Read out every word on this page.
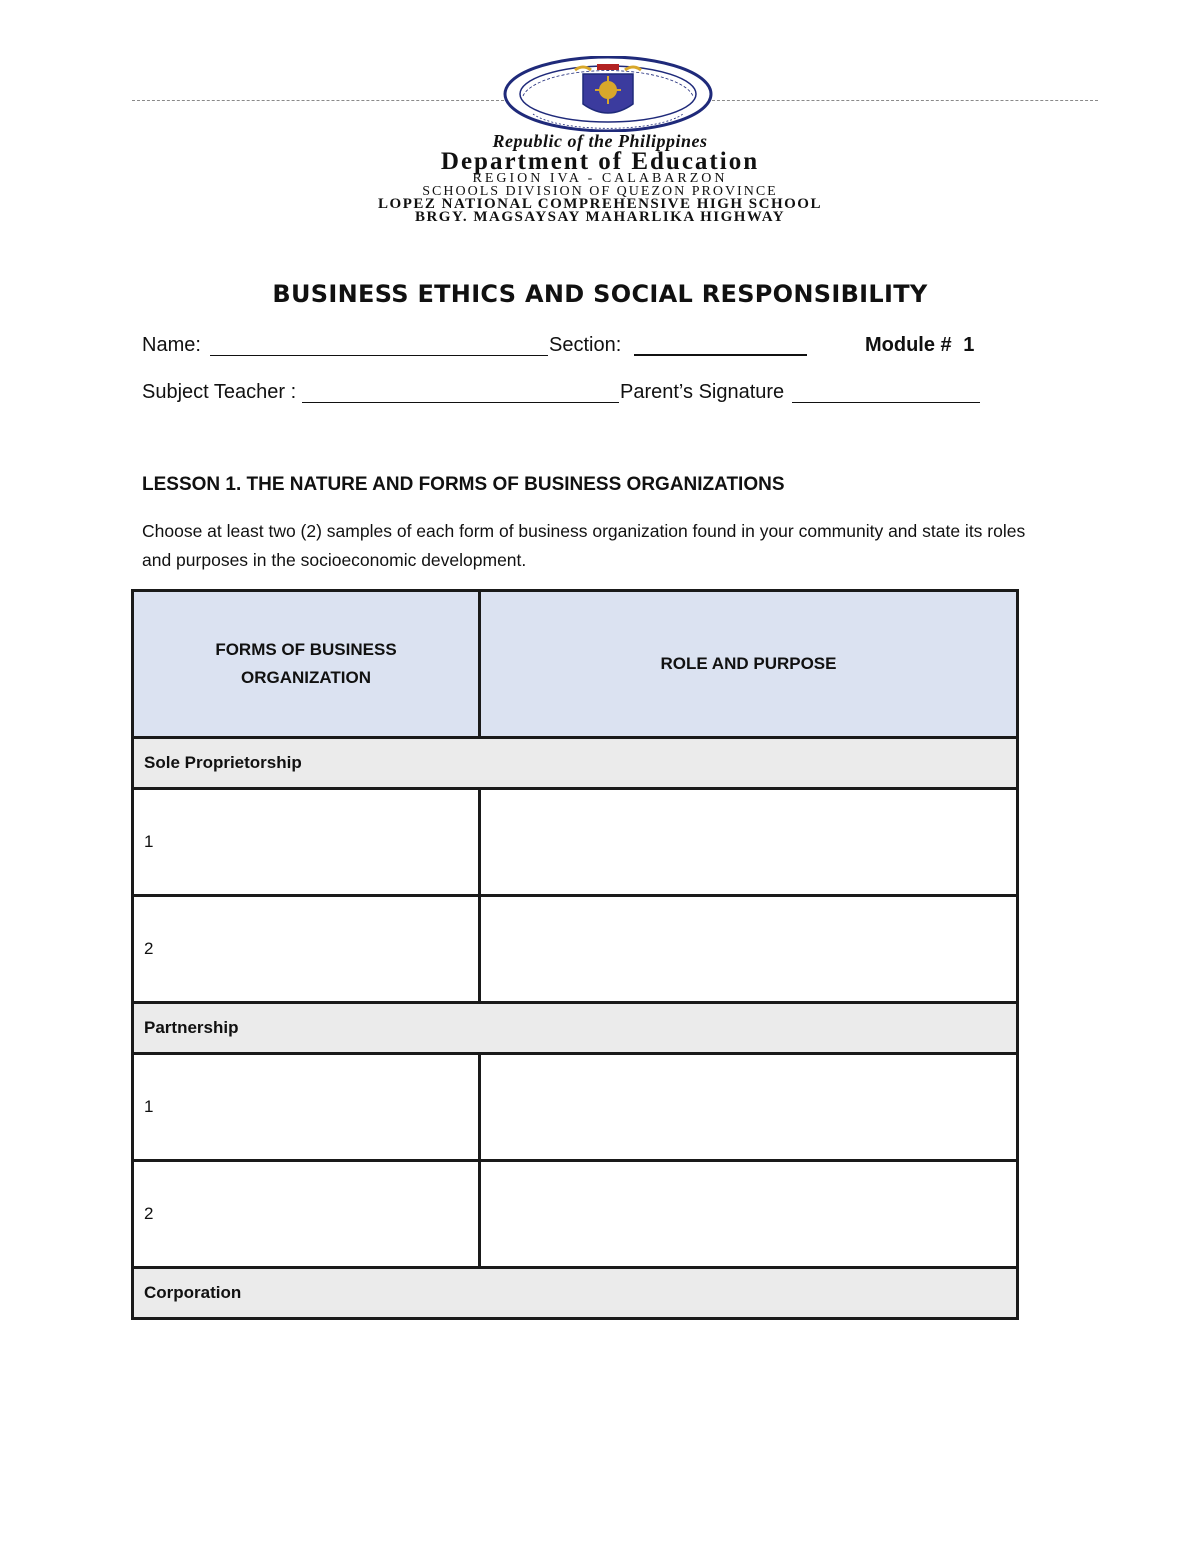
Republic of the Philippines
Department of Education
REGION IVA - CALABARZON
SCHOOLS DIVISION OF QUEZON PROVINCE
LOPEZ NATIONAL COMPREHENSIVE HIGH SCHOOL
BRGY. MAGSAYSAY MAHARLIKA HIGHWAY
BUSINESS ETHICS AND SOCIAL RESPONSIBILITY
Name:	Section:	Module # 1
Subject Teacher :	Parent’s Signature
LESSON 1. THE NATURE AND FORMS OF BUSINESS ORGANIZATIONS
Choose at least two (2) samples of each form of business organization found in your community and state its roles and purposes in the socioeconomic development.
FORMS OF BUSINESS ORGANIZATION	ROLE AND PURPOSE
Sole Proprietorship	
1	
2	
Partnership	
1	
2	
Corporation	
